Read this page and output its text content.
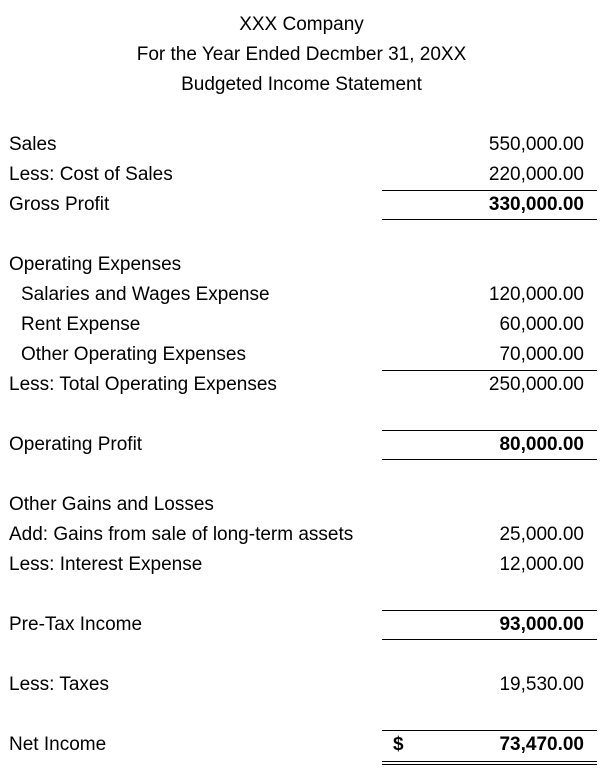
XXX Company
For the Year Ended Decmber 31, 20XX
Budgeted Income Statement
Sales	550,000.00
Less: Cost of Sales	220,000.00
Gross Profit	330,000.00
Operating Expenses
Salaries and Wages Expense	120,000.00
Rent Expense	60,000.00
Other Operating Expenses	70,000.00
Less: Total Operating Expenses	250,000.00
Operating Profit	80,000.00
Other Gains and Losses
Add: Gains from sale of long-term assets	25,000.00
Less: Interest Expense	12,000.00
Pre-Tax Income	93,000.00
Less: Taxes	19,530.00
Net Income	$	73,470.00
